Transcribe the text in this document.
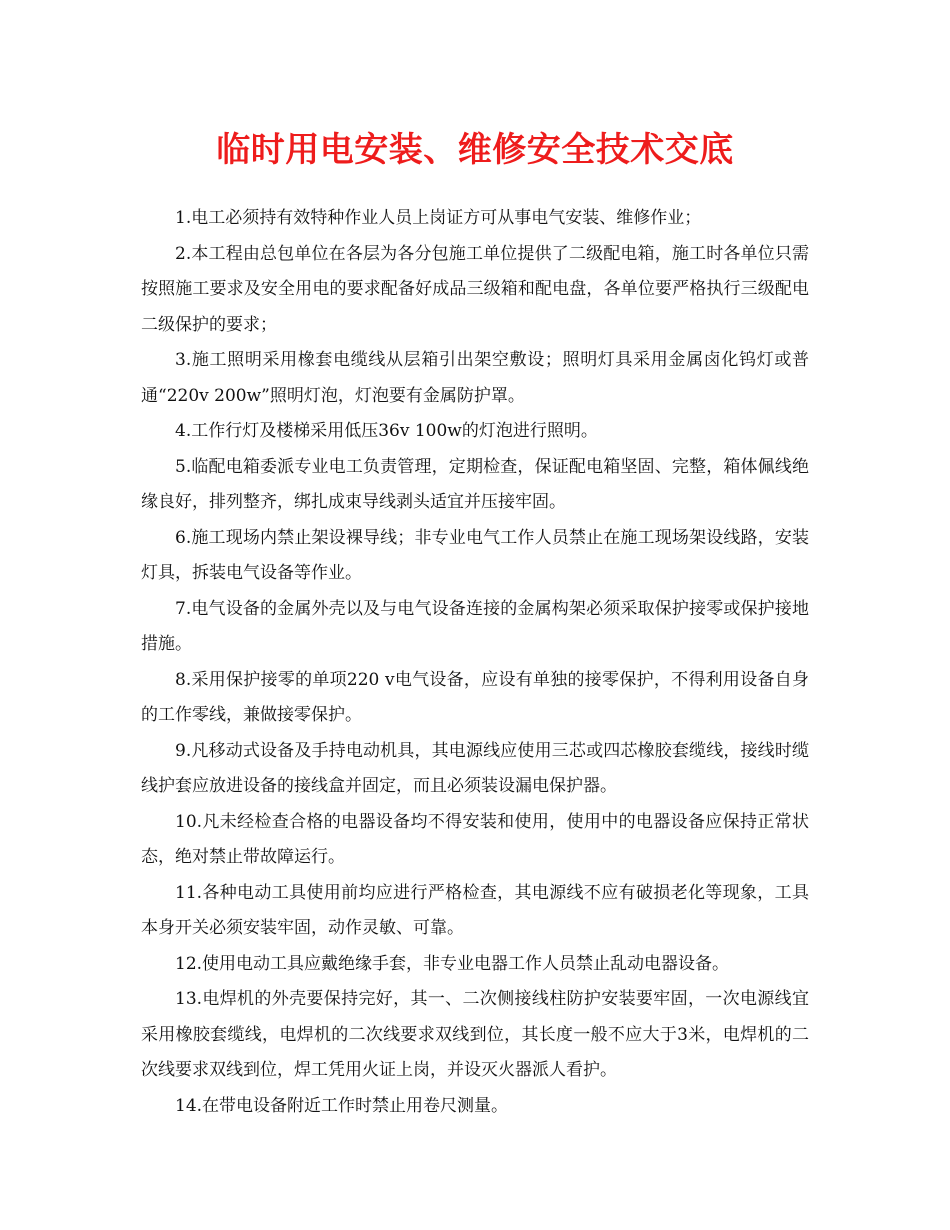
临时用电安装、维修安全技术交底

1.电工必须持有效特种作业人员上岗证方可从事电气安装、维修作业；

2.本工程由总包单位在各层为各分包施工单位提供了二级配电箱，施工时各单位只需按照施工要求及安全用电的要求配备好成品三级箱和配电盘，各单位要严格执行三级配电二级保护的要求；

3.施工照明采用橡套电缆线从层箱引出架空敷设；照明灯具采用金属卤化钨灯或普通“220v 200w”照明灯泡，灯泡要有金属防护罩。

4.工作行灯及楼梯采用低压36v 100w的灯泡进行照明。

5.临配电箱委派专业电工负责管理，定期检查，保证配电箱坚固、完整，箱体佩线绝缘良好，排列整齐，绑扎成束导线剥头适宜并压接牢固。

6.施工现场内禁止架设裸导线；非专业电气工作人员禁止在施工现场架设线路，安装灯具，拆装电气设备等作业。

7.电气设备的金属外壳以及与电气设备连接的金属构架必须采取保护接零或保护接地措施。

8.采用保护接零的单项220 v电气设备，应设有单独的接零保护，不得利用设备自身的工作零线，兼做接零保护。

9.凡移动式设备及手持电动机具，其电源线应使用三芯或四芯橡胶套缆线，接线时缆线护套应放进设备的接线盒并固定，而且必须装设漏电保护器。

10.凡未经检查合格的电器设备均不得安装和使用，使用中的电器设备应保持正常状态，绝对禁止带故障运行。

11.各种电动工具使用前均应进行严格检查，其电源线不应有破损老化等现象，工具本身开关必须安装牢固，动作灵敏、可靠。

12.使用电动工具应戴绝缘手套，非专业电器工作人员禁止乱动电器设备。

13.电焊机的外壳要保持完好，其一、二次侧接线柱防护安装要牢固，一次电源线宜采用橡胶套缆线，电焊机的二次线要求双线到位，其长度一般不应大于3米，电焊机的二次线要求双线到位，焊工凭用火证上岗，并设灭火器派人看护。

14.在带电设备附近工作时禁止用卷尺测量。
